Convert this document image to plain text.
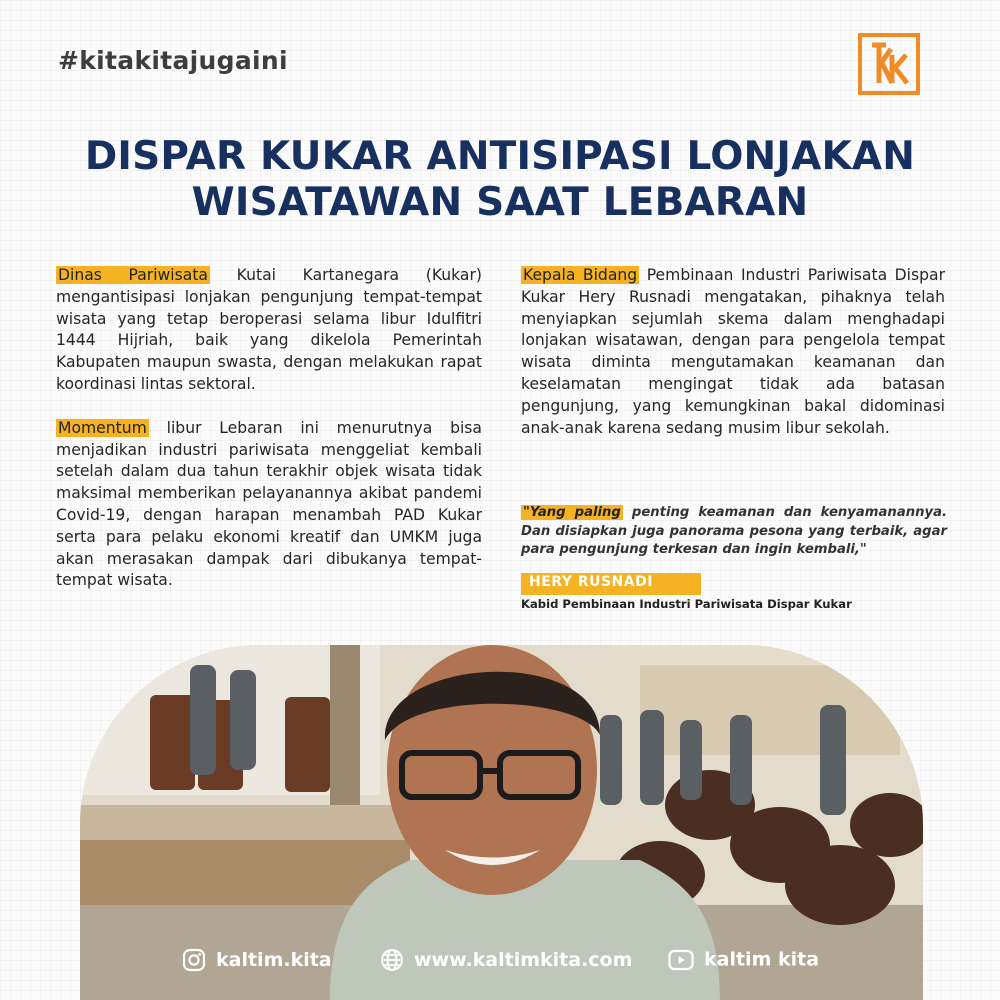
#kitakitajugaini
DISPAR KUKAR ANTISIPASI LONJAKAN
WISATAWAN SAAT LEBARAN

Dinas Pariwisata Kutai Kartanegara (Kukar) mengantisipasi lonjakan pengunjung tempat-tempat wisata yang tetap beroperasi selama libur Idulfitri 1444 Hijriah, baik yang dikelola Pemerintah Kabupaten maupun swasta, dengan melakukan rapat koordinasi lintas sektoral.

Momentum libur Lebaran ini menurutnya bisa menjadikan industri pariwisata menggeliat kembali setelah dalam dua tahun terakhir objek wisata tidak maksimal memberikan pelayanannya akibat pandemi Covid-19, dengan harapan menambah PAD Kukar serta para pelaku ekonomi kreatif dan UMKM juga akan merasakan dampak dari dibukanya tempat-tempat wisata.

Kepala Bidang Pembinaan Industri Pariwisata Dispar Kukar Hery Rusnadi mengatakan, pihaknya telah menyiapkan sejumlah skema dalam menghadapi lonjakan wisatawan, dengan para pengelola tempat wisata diminta mengutamakan keamanan dan keselamatan mengingat tidak ada batasan pengunjung, yang kemungkinan bakal didominasi anak-anak karena sedang musim libur sekolah.

"Yang paling penting keamanan dan kenyamanannya. Dan disiapkan juga panorama pesona yang terbaik, agar para pengunjung terkesan dan ingin kembali,"
HERY RUSNADI
Kabid Pembinaan Industri Pariwisata Dispar Kukar
kaltim.kita	www.kaltimkita.com	kaltim kita
